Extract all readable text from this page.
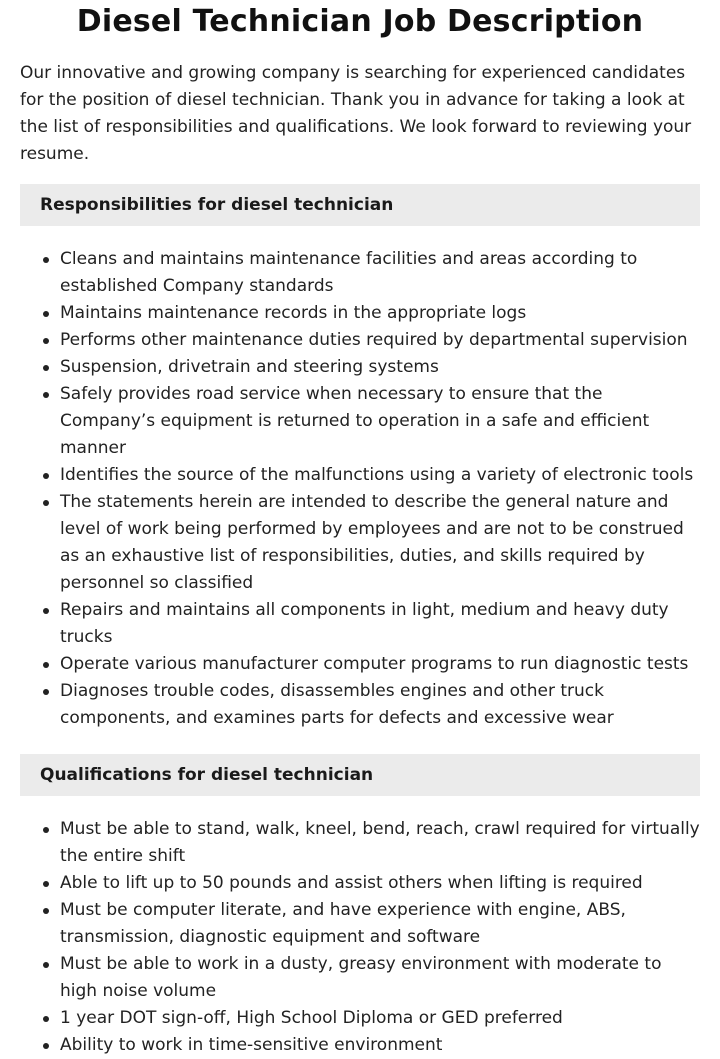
Diesel Technician Job Description

Our innovative and growing company is searching for experienced candidates for the position of diesel technician. Thank you in advance for taking a look at the list of responsibilities and qualifications. We look forward to reviewing your resume.

Responsibilities for diesel technician
Cleans and maintains maintenance facilities and areas according to established Company standards
Maintains maintenance records in the appropriate logs
Performs other maintenance duties required by departmental supervision
Suspension, drivetrain and steering systems
Safely provides road service when necessary to ensure that the Company’s equipment is returned to operation in a safe and efficient manner
Identifies the source of the malfunctions using a variety of electronic tools
The statements herein are intended to describe the general nature and level of work being performed by employees and are not to be construed as an exhaustive list of responsibilities, duties, and skills required by personnel so classified
Repairs and maintains all components in light, medium and heavy duty trucks
Operate various manufacturer computer programs to run diagnostic tests
Diagnoses trouble codes, disassembles engines and other truck components, and examines parts for defects and excessive wear
Qualifications for diesel technician
Must be able to stand, walk, kneel, bend, reach, crawl required for virtually the entire shift
Able to lift up to 50 pounds and assist others when lifting is required
Must be computer literate, and have experience with engine, ABS, transmission, diagnostic equipment and software
Must be able to work in a dusty, greasy environment with moderate to high noise volume
1 year DOT sign-off, High School Diploma or GED preferred
Ability to work in time-sensitive environment
